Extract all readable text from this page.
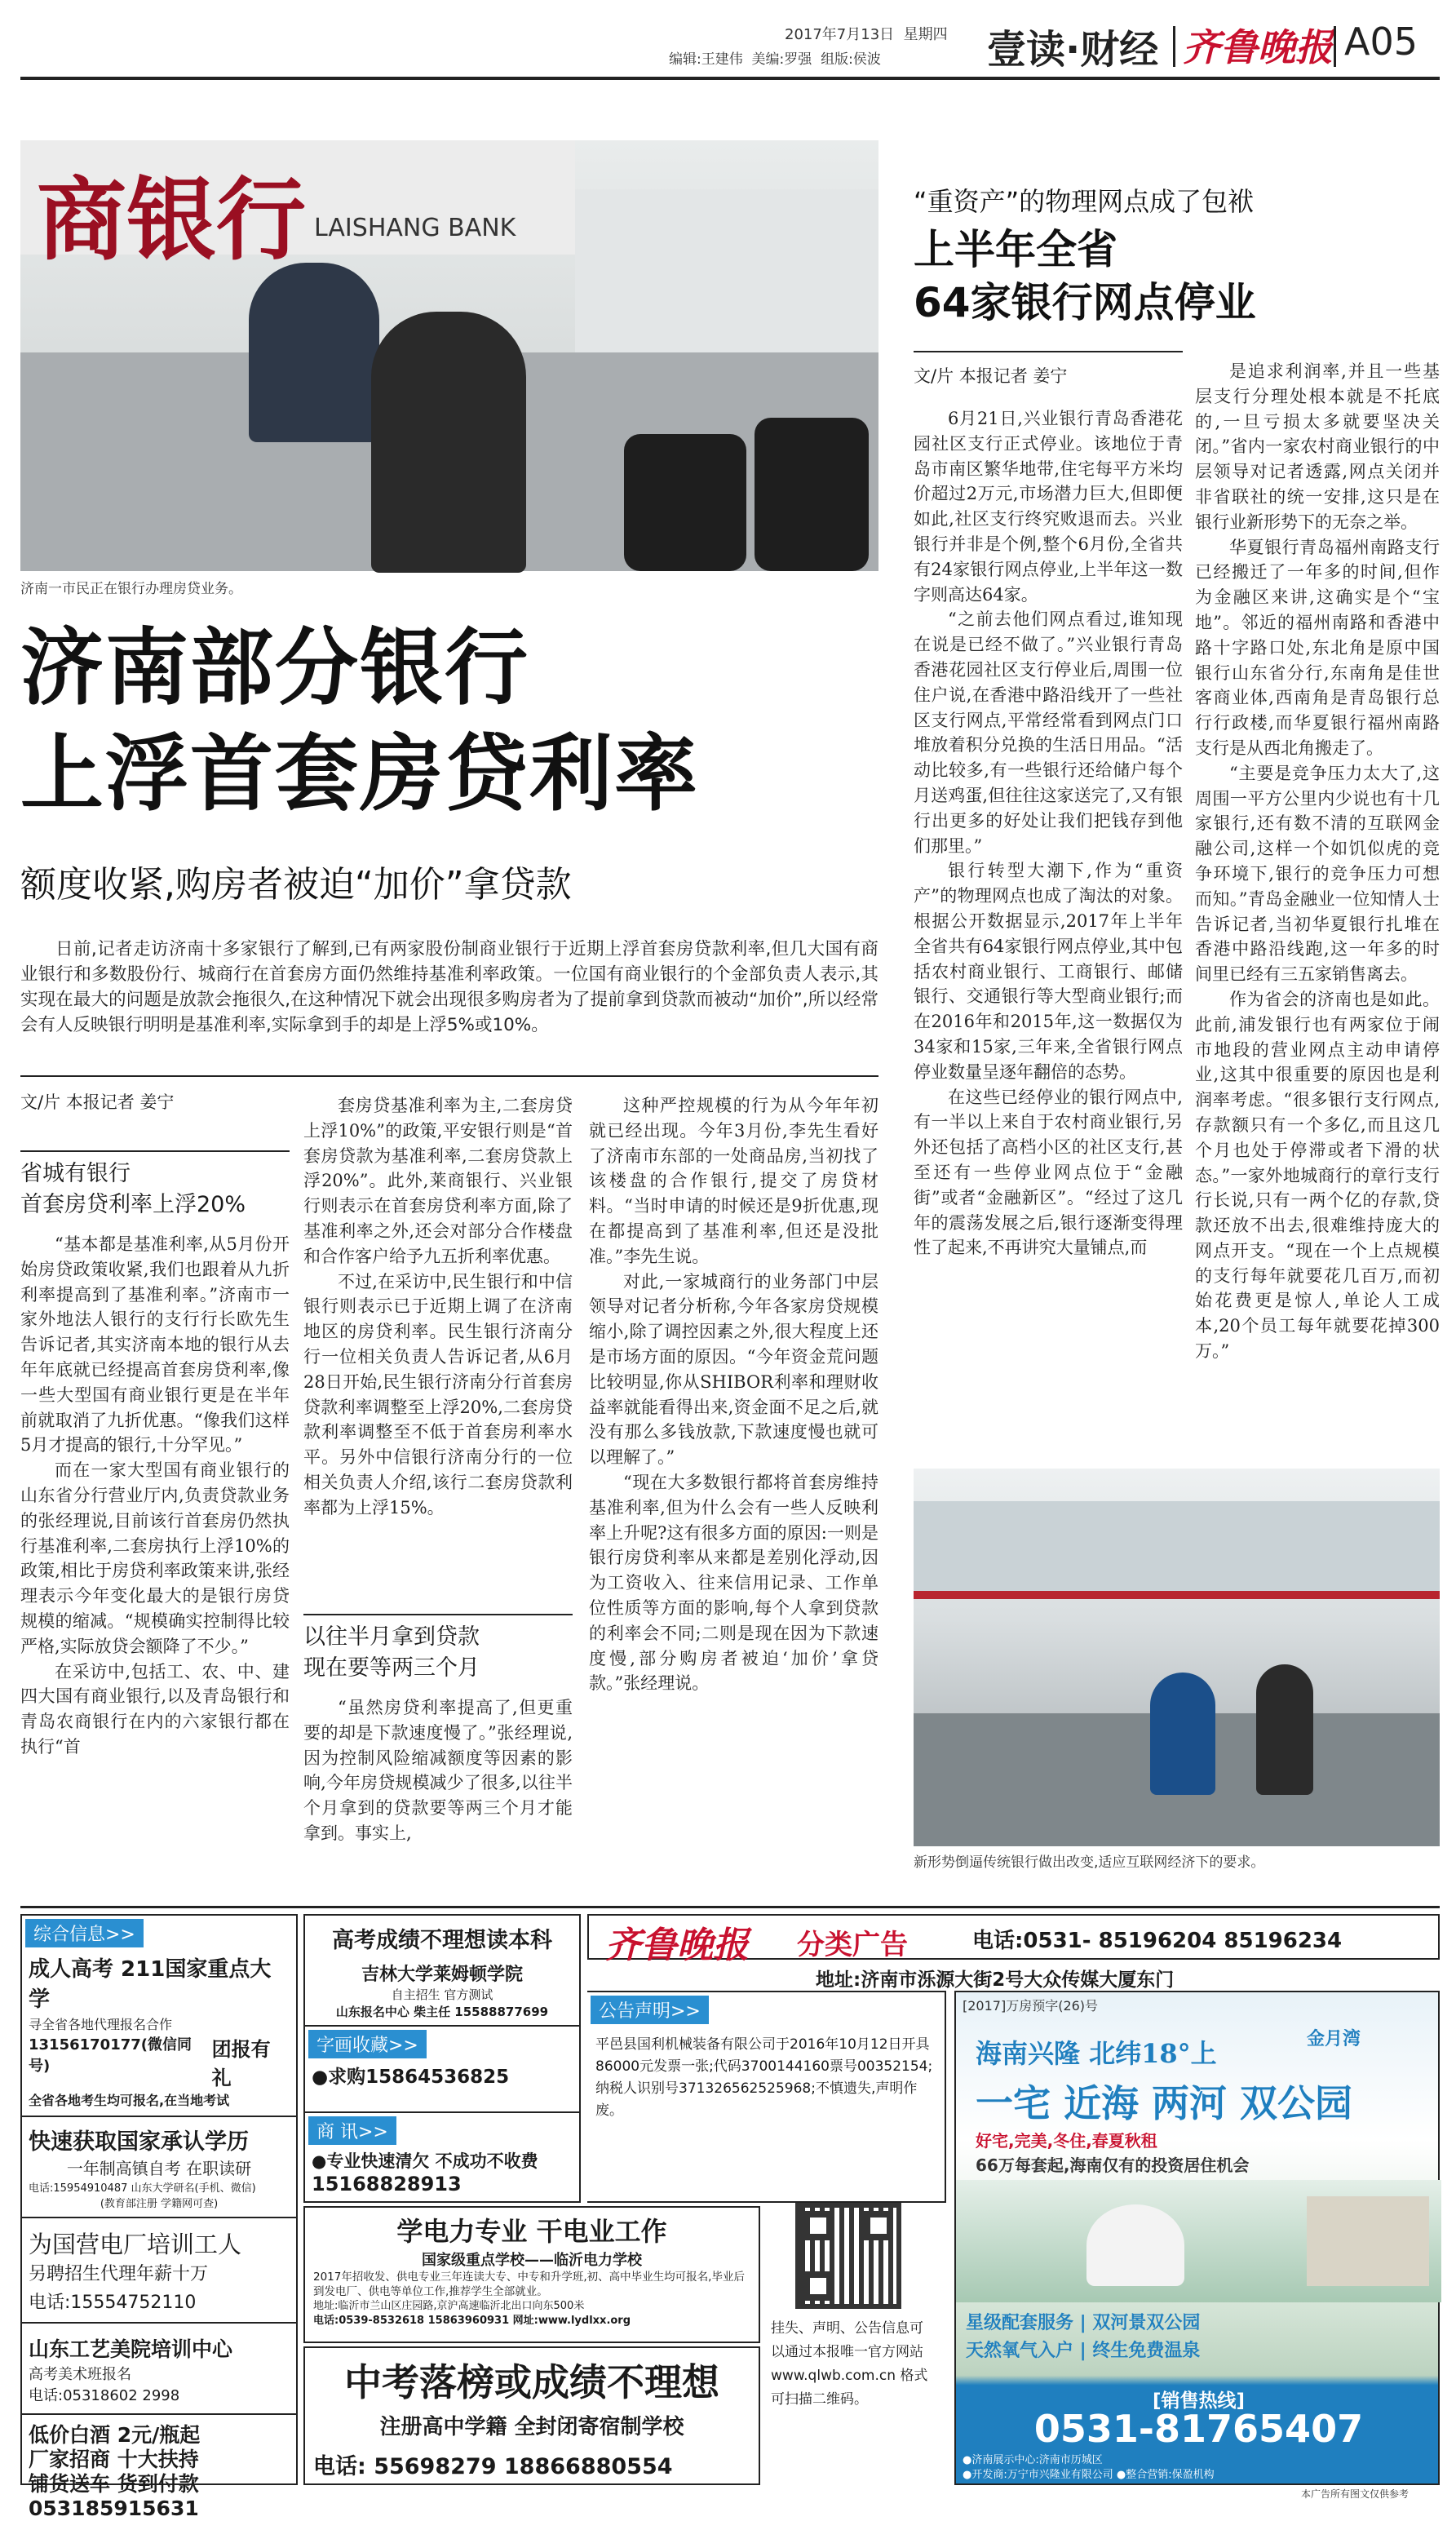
2017年7月13日 星期四
编辑:王建伟 美编:罗强 组版:侯波	壹读·财经 齐鲁晚报 A05
商银行 LAISHANG BANK
济南一市民正在银行办理房贷业务。
济南部分银行
上浮首套房贷利率
额度收紧,购房者被迫“加价”拿贷款

日前,记者走访济南十多家银行了解到,已有两家股份制商业银行于近期上浮首套房贷款利率,但几大国有商业银行和多数股份行、城商行在首套房方面仍然维持基准利率政策。一位国有商业银行的个金部负责人表示,其实现在最大的问题是放款会拖很久,在这种情况下就会出现很多购房者为了提前拿到贷款而被动“加价”,所以经常会有人反映银行明明是基准利率,实际拿到手的却是上浮5%或10%。

文/片 本报记者 姜宁
省城有银行
首套房贷利率上浮20%

“基本都是基准利率,从5月份开始房贷政策收紧,我们也跟着从九折利率提高到了基准利率。”济南市一家外地法人银行的支行行长欧先生告诉记者,其实济南本地的银行从去年年底就已经提高首套房贷利率,像一些大型国有商业银行更是在半年前就取消了九折优惠。“像我们这样5月才提高的银行,十分罕见。”

而在一家大型国有商业银行的山东省分行营业厅内,负责贷款业务的张经理说,目前该行首套房仍然执行基准利率,二套房执行上浮10%的政策,相比于房贷利率政策来讲,张经理表示今年变化最大的是银行房贷规模的缩减。“规模确实控制得比较严格,实际放贷会额降了不少。”

在采访中,包括工、农、中、建四大国有商业银行,以及青岛银行和青岛农商银行在内的六家银行都在执行“首

套房贷基准利率为主,二套房贷上浮10%”的政策,平安银行则是“首套房贷款为基准利率,二套房贷款上浮20%”。此外,莱商银行、兴业银行则表示在首套房贷利率方面,除了基准利率之外,还会对部分合作楼盘和合作客户给予九五折利率优惠。

不过,在采访中,民生银行和中信银行则表示已于近期上调了在济南地区的房贷利率。民生银行济南分行一位相关负责人告诉记者,从6月28日开始,民生银行济南分行首套房贷款利率调整至上浮20%,二套房贷款利率调整至不低于首套房利率水平。另外中信银行济南分行的一位相关负责人介绍,该行二套房贷款利率都为上浮15%。

以往半月拿到贷款
现在要等两三个月

“虽然房贷利率提高了,但更重要的却是下款速度慢了。”张经理说,因为控制风险缩减额度等因素的影响,今年房贷规模减少了很多,以往半个月拿到的贷款要等两三个月才能拿到。事实上,

这种严控规模的行为从今年年初就已经出现。今年3月份,李先生看好了济南市东部的一处商品房,当初找了该楼盘的合作银行,提交了房贷材料。“当时申请的时候还是9折优惠,现在都提高到了基准利率,但还是没批准。”李先生说。

对此,一家城商行的业务部门中层领导对记者分析称,今年各家房贷规模缩小,除了调控因素之外,很大程度上还是市场方面的原因。“今年资金荒问题比较明显,你从SHIBOR利率和理财收益率就能看得出来,资金面不足之后,就没有那么多钱放款,下款速度慢也就可以理解了。”

“现在大多数银行都将首套房维持基准利率,但为什么会有一些人反映利率上升呢?这有很多方面的原因:一则是银行房贷利率从来都是差别化浮动,因为工资收入、往来信用记录、工作单位性质等方面的影响,每个人拿到贷款的利率会不同;二则是现在因为下款速度慢,部分购房者被迫‘加价’拿贷款。”张经理说。

“重资产”的物理网点成了包袱
上半年全省
64家银行网点停业
文/片 本报记者 姜宁

6月21日,兴业银行青岛香港花园社区支行正式停业。该地位于青岛市南区繁华地带,住宅每平方米均价超过2万元,市场潜力巨大,但即便如此,社区支行终究败退而去。兴业银行并非是个例,整个6月份,全省共有24家银行网点停业,上半年这一数字则高达64家。

“之前去他们网点看过,谁知现在说是已经不做了。”兴业银行青岛香港花园社区支行停业后,周围一位住户说,在香港中路沿线开了一些社区支行网点,平常经常看到网点门口堆放着积分兑换的生活日用品。“活动比较多,有一些银行还给储户每个月送鸡蛋,但往往这家送完了,又有银行出更多的好处让我们把钱存到他们那里。”

银行转型大潮下,作为“重资产”的物理网点也成了淘汰的对象。根据公开数据显示,2017年上半年全省共有64家银行网点停业,其中包括农村商业银行、工商银行、邮储银行、交通银行等大型商业银行;而在2016年和2015年,这一数据仅为34家和15家,三年来,全省银行网点停业数量呈逐年翻倍的态势。

在这些已经停业的银行网点中,有一半以上来自于农村商业银行,另外还包括了高档小区的社区支行,甚至还有一些停业网点位于“金融街”或者“金融新区”。“经过了这几年的震荡发展之后,银行逐渐变得理性了起来,不再讲究大量铺点,而

是追求利润率,并且一些基层支行分理处根本就是不托底的,一旦亏损太多就要坚决关闭。”省内一家农村商业银行的中层领导对记者透露,网点关闭并非省联社的统一安排,这只是在银行业新形势下的无奈之举。

华夏银行青岛福州南路支行已经搬迁了一年多的时间,但作为金融区来讲,这确实是个“宝地”。邻近的福州南路和香港中路十字路口处,东北角是原中国银行山东省分行,东南角是佳世客商业体,西南角是青岛银行总行行政楼,而华夏银行福州南路支行是从西北角搬走了。

“主要是竞争压力太大了,这周围一平方公里内少说也有十几家银行,还有数不清的互联网金融公司,这样一个如饥似虎的竞争环境下,银行的竞争压力可想而知。”青岛金融业一位知情人士告诉记者,当初华夏银行扎堆在香港中路沿线跑,这一年多的时间里已经有三五家销售离去。

作为省会的济南也是如此。此前,浦发银行也有两家位于闹市地段的营业网点主动申请停业,这其中很重要的原因也是利润率考虑。“很多银行支行网点,存款额只有一个多亿,而且这几个月也处于停滞或者下滑的状态。”一家外地城商行的章行支行行长说,只有一两个亿的存款,贷款还放不出去,很难维持庞大的网点开支。“现在一个上点规模的支行每年就要花几百万,而初始花费更是惊人,单论人工成本,20个员工每年就要花掉300万。”

新形势倒逼传统银行做出改变,适应互联网经济下的要求。
综合信息>>
成人高考 211国家重点大学
寻全省各地代理报名合作
13156170177(微信同号)
团报有礼
全省各地考生均可报名,在当地考试
快速获取国家承认学历
一年制高镇自考 在职读研
电话:15954910487 山东大学研名(手机、微信)
(教育部注册 学籍网可查)
为国营电厂培训工人
另聘招生代理年薪十万
电话:15554752110
山东工艺美院培训中心
高考美术班报名
电话:05318602 2998
低价白酒 2元/瓶起
厂家招商 十大扶持
铺货送车 货到付款
053185915631
高考成绩不理想读本科
吉林大学莱姆顿学院
自主招生 官方测试
山东报名中心 柴主任 15588877699
字画收藏>>
●求购15864536825
商 讯>>
●专业快速清欠 不成功不收费
15168828913
学电力专业 干电业工作
国家级重点学校——临沂电力学校
2017年招收发、供电专业三年连读大专、中专和升学班,初、高中毕业生均可报名,毕业后到发电厂、供电等单位工作,推荐学生全部就业。
地址:临沂市兰山区庄园路,京沪高速临沂北出口向东500米
电话:0539-8532618 15863960931 网址:www.lydlxx.org
中考落榜或成绩不理想
注册高中学籍 全封闭寄宿制学校
电话: 55698279 18866880554
齐鲁晚报 分类广告	电话:0531- 85196204 85196234
地址:济南市泺源大街2号大众传媒大厦东门
公告声明>>
平邑县国利机械装备有限公司于2016年10月12日开具86000元发票一张;代码3700144160票号00352154;纳税人识别号371326562525968;不慎遗失,声明作废。
挂失、声明、公告信息可以通过本报唯一官方网站 www.qlwb.com.cn 格式可扫描二维码。
[2017]万房预字(26)号
金月湾
海南兴隆 北纬18°上
一宅 近海 两河 双公园
好宅,完美,冬住,春夏秋租
66万每套起,海南仅有的投资居住机会
星级配套服务 | 双河景双公园
天然氧气入户 | 终生免费温泉
[销售热线]
0531-81765407
●济南展示中心:济南市历城区
●开发商:万宁市兴隆业有限公司 ●整合营销:保盈机构
本广告所有图文仅供参考
